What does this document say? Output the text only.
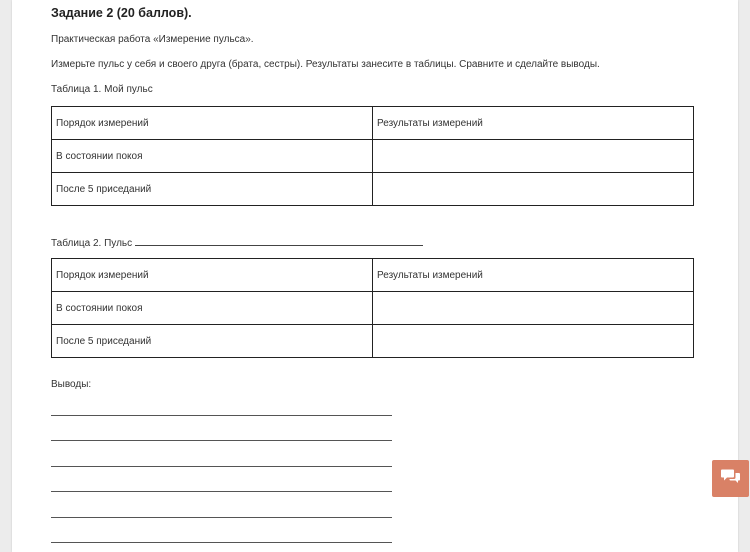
Задание 2 (20 баллов).
Практическая работа «Измерение пульса».
Измерьте пульс у себя и своего друга (брата, сестры). Результаты занесите в таблицы. Сравните и сделайте выводы.
Таблица 1. Мой пульс
Порядок измерений	Результаты измерений
В состоянии покоя	
После 5 приседаний	
Таблица 2. Пульс
Порядок измерений	Результаты измерений
В состоянии покоя	
После 5 приседаний	
Выводы:
